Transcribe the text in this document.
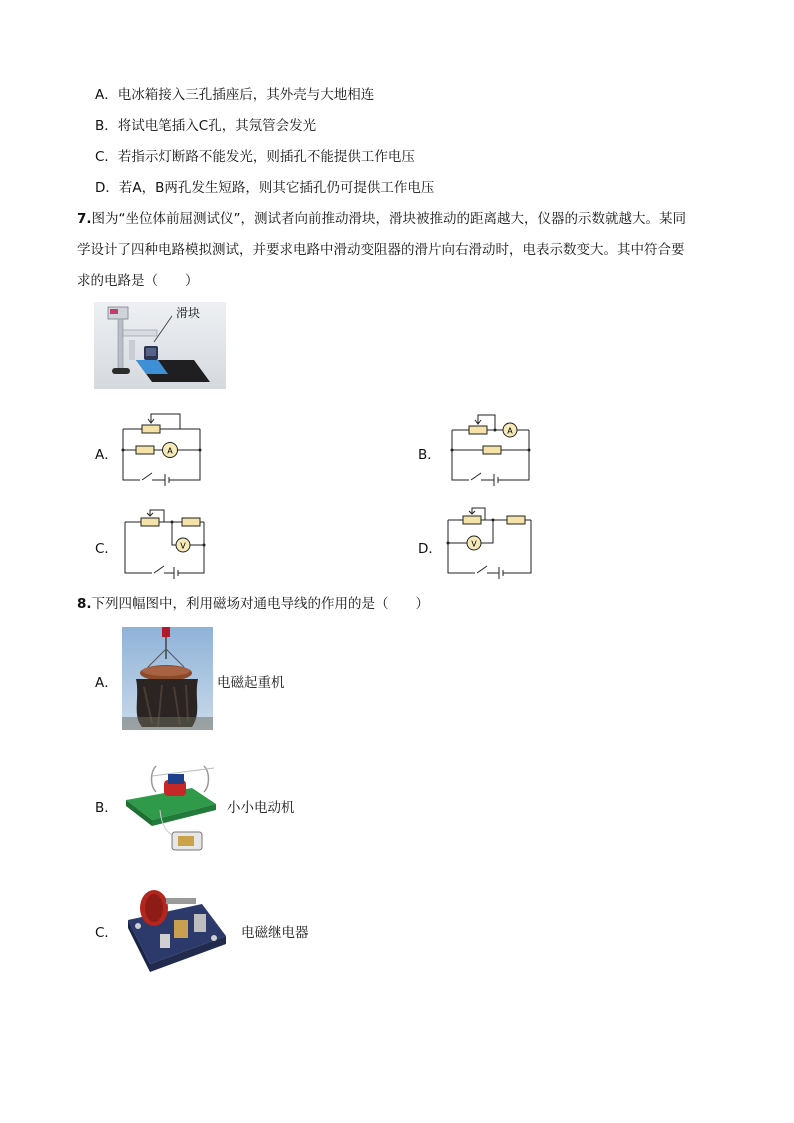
A．电冰箱接入三孔插座后，其外壳与大地相连
B．将试电笔插入C孔，其氖管会发光
C．若指示灯断路不能发光，则插孔不能提供工作电压
D．若A，B两孔发生短路，则其它插孔仍可提供工作电压
7.图为“坐位体前屈测试仪”，测试者向前推动滑块，滑块被推动的距离越大，仪器的示数就越大。某同
学设计了四种电路模拟测试，并要求电路中滑动变阻器的滑片向右滑动时，电表示数变大。其中符合要
求的电路是（　　）
滑块
A．	B．
C．	D．
A
A
V	V
8.下列四幅图中，利用磁场对通电导线的作用的是（　　）
A．	电磁起重机
B．	小小电动机
C．	电磁继电器
